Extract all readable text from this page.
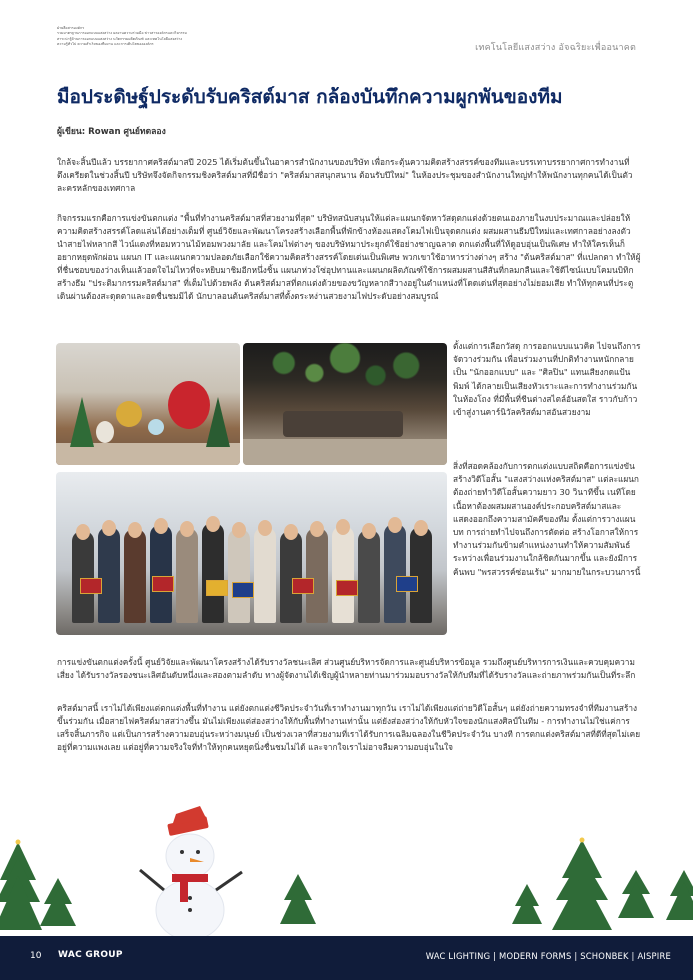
ฝ่ายสื่อสารองค์กร
รวมมาตรฐานการออกแบบแสงสว่าง ผลงานความร่วมมือ ข่าวสารองค์กรและกิจกรรม
สาระน่ารู้ด้านการออกแบบแสงสว่าง นวัตกรรมผลิตภัณฑ์ และเทคโนโลยีแสงสว่าง
ความรู้ทั่วไป ความสำเร็จของทีมงาน และการเติบโตขององค์กร	เทคโนโลยีแสงสว่าง อัจฉริยะเพื่ออนาคต
มือประดิษฐ์ประดับรับคริสต์มาส กล้องบันทึกความผูกพันของทีม
ผู้เขียน: Rowan ศูนย์ทดลอง

ใกล้จะสิ้นปีแล้ว บรรยากาศคริสต์มาสปี 2025 ได้เริ่มต้นขึ้นในอาคารสำนักงานของบริษัท เพื่อกระตุ้นความคิดสร้างสรรค์ของทีมและบรรเทาบรรยากาศการทำงานที่ตึงเครียดในช่วงสิ้นปี บริษัทจึงจัดกิจกรรมชิงคริสต์มาสที่มีชื่อว่า "คริสต์มาสสนุกสนาน ต้อนรับปีใหม่" ในห้องประชุมของสำนักงานใหญ่ทำให้พนักงานทุกคนได้เป็นตัวละครหลักของเทศกาล

กิจกรรมแรกคือการแข่งขันตกแต่ง "พื้นที่ทำงานคริสต์มาสที่สวยงามที่สุด" บริษัทสนับสนุนให้แต่ละแผนกจัดหาวัสดุตกแต่งด้วยตนเองภายในงบประมาณและปล่อยให้ความคิดสร้างสรรค์โลดแล่นได้อย่างเต็มที่ ศูนย์วิจัยและพัฒนาโครงสร้างเลือกพื้นที่พักข้างห้องแสดงโคมไฟเป็นจุดตกแต่ง ผสมผสานธีมปีใหม่และเทศกาลอย่างลงตัว นำสายไฟหลากสี ไวน์แดงที่หอมหวานไม้หอมพวงมาลัย และโคมไฟต่างๆ ของบริษัทมาประยุกต์ใช้อย่างชาญฉลาด ตกแต่งพื้นที่ให้ดูอบอุ่นเป็นพิเศษ ทำให้ใครเห็นก็อยากหยุดพักผ่อน แผนก IT และแผนกความปลอดภัยเลือกใช้ความคิดสร้างสรรค์โดยเด่นเป็นพิเศษ พวกเขาใช้อาหารว่างต่างๆ สร้าง "ต้นคริสต์มาส" ที่แปลกตา ทำให้ผู้ที่ชื่นชอบของว่างเห็นแล้วอดใจไม่ไหวที่จะหยิบมาชิมอีกหนึ่งชิ้น แผนกห่วงโซ่อุปทานและแผนกผลิตภัณฑ์ใช้การผสมผสานสีสันที่กลมกลืนและใช้ดีไซน์แบบโคมนบิทิก สร้างธีม "ประติมากรรมคริสต์มาส" ที่เต็มไปด้วยพลัง ต้นคริสต์มาสที่ตกแต่งด้วยของขวัญหลากสีวางอยู่ในตำแหน่งที่โดดเด่นที่สุดอย่างไม่ยอมเสีย ทำให้ทุกคนที่ประตูเดินผ่านต้องสะดุดตาและอดชื่นชมมิได้ นักบาลอนต้นคริสต์มาสที่ตั้งตระหง่านสวยงามไฟประดับอย่างสมบูรณ์

ตั้งแต่การเลือกวัสดุ การออกแบบแนวคิด ไปจนถึงการจัดวางร่วมกัน เพื่อนร่วมงานที่ปกติทำงานหนักกลายเป็น "นักออกแบบ" และ "ศิลปิน" แทนเสียงกดแป้นพิมพ์ ได้กลายเป็นเสียงหัวเราะและการทำงานร่วมกันในห้องโถง ที่มีพื้นที่ชีนต่างสไตล์อันสดใส ราวกับก้าวเข้าสู่งานคาร์นิวัลคริสต์มาสอันสวยงาม

สิ่งที่สอดคล้องกับการตกแต่งแบบสถิตคือการแข่งขันสร้างวิดีโอสั้น "แสงสว่างแห่งคริสต์มาส" แต่ละแผนกต้องถ่ายทำวิดีโอสั้นความยาว 30 วินาทีขึ้น เนทีโดยเนื้อหาต้องผสมผสานองค์ประกอบคริสต์มาสและแสดงออกถึงความสามัคคีของทีม ตั้งแต่การวางแผนบท การถ่ายทำไปจนถึงการตัดต่อ สร้างโอกาสให้การทำงานร่วมกันข้ามตำแหน่งงานทำให้ความสัมพันธ์ระหว่างเพื่อนร่วมงานใกล้ชิดกันมากขึ้น และยังมีการค้นพบ "พรสวรรค์ซ่อนเร้น" มากมายในกระบวนการนี้

การแข่งขันตกแต่งครั้งนี้ ศูนย์วิจัยและพัฒนาโครงสร้างได้รับรางวัลชนะเลิศ ส่วนศูนย์บริหารจัดการและศูนย์บริหารข้อมูล รวมถึงศูนย์บริหารการเงินและควบคุมความเสี่ยง ได้รับรางวัลรองชนะเลิศอันดับหนึ่งและสองตามลำดับ ทางผู้จัดงานได้เชิญผู้นำหลายท่านมาร่วมมอบรางวัลให้กับทีมที่ได้รับรางวัลและถ่ายภาพร่วมกันเป็นที่ระลึก

คริสต์มาสนี้ เราไม่ได้เพียงแต่ตกแต่งพื้นที่ทำงาน แต่ยังตกแต่งชีวิตประจำวันที่เราทำงานมาทุกวัน เราไม่ได้เพียงแต่ถ่ายวิดีโอสั้นๆ แต่ยังถ่ายความทรงจำที่ทีมงานสร้างขึ้นร่วมกัน เมื่อสายไฟคริสต์มาสสว่างขึ้น มันไม่เพียงแต่ส่องสว่างให้กับพื้นที่ทำงานเท่านั้น แต่ยังส่องสว่างให้กับหัวใจของนักแสงศิลป์ในทีม - การทำงานไม่ใช่แค่การเสร็จสิ้นภารกิจ แต่เป็นการสร้างความอบอุ่นระหว่างมนุษย์ เป็นช่วงเวลาที่สวยงามที่เราได้รับการเฉลิมฉลองในชีวิตประจำวัน บางที การตกแต่งคริสต์มาสที่ดีที่สุดไม่เคยอยู่ที่ความแพงเลย แต่อยู่ที่ความจริงใจที่ทำให้ทุกคนหยุดนิ่งชื่นชมไม่ได้ และจากใจเราไม่อาจลืมความอบอุ่นในใจ

10 WAC GROUP	WAC LIGHTING | MODERN FORMS | SCHONBEK | AISPIRE
